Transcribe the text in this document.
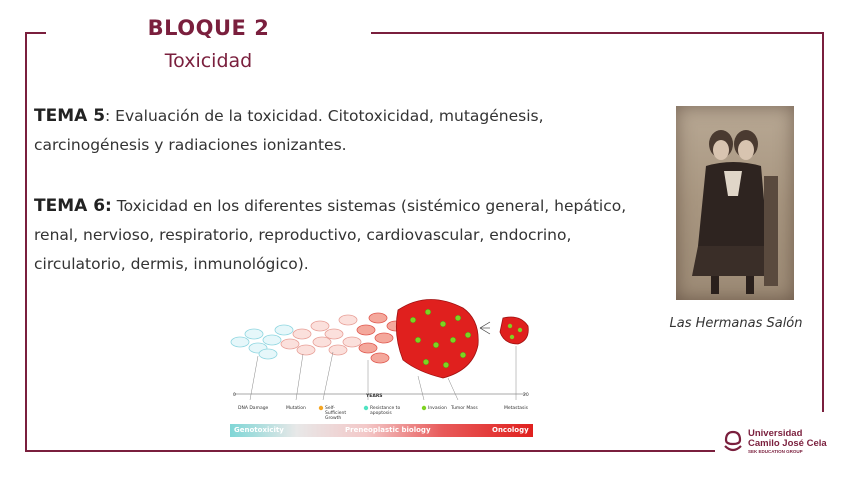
BLOQUE 2
Toxicidad
TEMA 5: Evaluación de la toxicidad. Citotoxicidad, mutagénesis, carcinogénesis y radiaciones ionizantes.
TEMA 6: Toxicidad en los diferentes sistemas (sistémico general, hepático, renal, nervioso, respiratorio, reproductivo, cardiovascular, endocrino, circulatorio, dermis, inmunológico).
Las Hermanas Salón
0	YEARS	20
DNA Damage	Mutation	Self-Sufficient Growth
Resistance to apoptosis
Invasion Tumor Mass	Metastasis
Genotoxicity	Preneoplastic biology	Oncology	Universidad
Camilo José Cela
SEK EDUCATION GROUP
